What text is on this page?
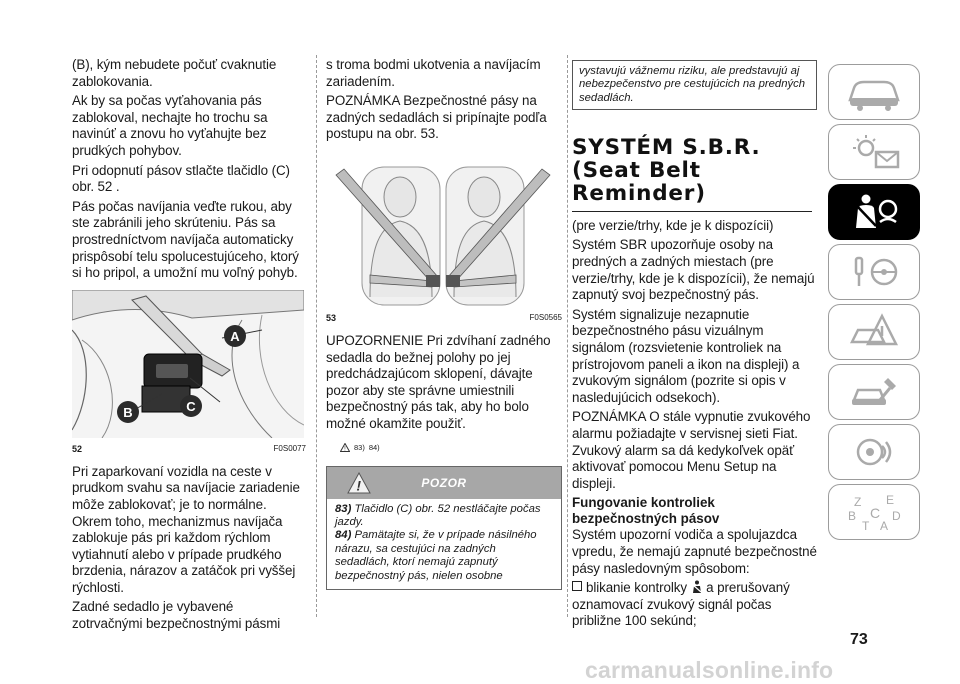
(B), kým nebudete počuť cvaknutie zablokovania.

Ak by sa počas vyťahovania pás zablokoval, nechajte ho trochu sa navinúť a znovu ho vyťahujte bez prudkých pohybov.

Pri odopnutí pásov stlačte tlačidlo (C) obr. 52 .

Pás počas navíjania veďte rukou, aby ste zabránili jeho skrúteniu. Pás sa prostredníctvom navíjača automaticky prispôsobí telu spolucestujúceho, ktorý si ho pripol, a umožní mu voľný pohyb.

A
B	C
52	F0S0077

Pri zaparkovaní vozidla na ceste v prudkom svahu sa navíjacie zariadenie môže zablokovať; je to normálne. Okrem toho, mechanizmus navíjača zablokuje pás pri každom rýchlom vytiahnutí alebo v prípade prudkého brzdenia, nárazov a zatáčok pri vyššej rýchlosti.

Zadné sedadlo je vybavené zotrvačnými bezpečnostnými pásmi

s troma bodmi ukotvenia a navíjacím zariadením.

POZNÁMKA Bezpečnostné pásy na zadných sedadlách si pripínajte podľa postupu na obr. 53.

53	F0S0565

UPOZORNENIE Pri zdvíhaní zadného sedadla do bežnej polohy po jej predchádzajúcom sklopení, dávajte pozor aby ste správne umiestnili bezpečnostný pás tak, aby ho bolo možné okamžite použiť.

! 83) 84)
!	POZOR
83) Tlačidlo (C) obr. 52 nestláčajte počas jazdy.
84) Pamätajte si, že v prípade násilného nárazu, sa cestujúci na zadných sedadlách, ktorí nemajú zapnutý bezpečnostný pás, nielen osobne
vystavujú vážnemu riziku, ale predstavujú aj nebezpečenstvo pre cestujúcich na predných sedadlách.
SYSTÉM S.B.R.
(Seat Belt
Reminder)

(pre verzie/trhy, kde je k dispozícii)

Systém SBR upozorňuje osoby na predných a zadných miestach (pre verzie/trhy, kde je k dispozícii), že nemajú zapnutý svoj bezpečnostný pás.

Systém signalizuje nezapnutie bezpečnostného pásu vizuálnym signálom (rozsvietenie kontroliek na prístrojovom paneli a ikon na displeji) a zvukovým signálom (pozrite si opis v nasledujúcich odsekoch).

POZNÁMKA O stále vypnutie zvukového alarmu požiadajte v servisnej sieti Fiat. Zvukový alarm sa dá kedykoľvek opäť aktivovať pomocou Menu Setup na displeji.

Fungovanie kontroliek
bezpečnostných pásov

Systém upozorní vodiča a spolujazdca vpredu, že nemajú zapnuté bezpečnostné pásy nasledovným spôsobom:

blikanie kontrolky  a prerušovaný oznamovací zvukový signál počas približne 100 sekúnd;

Z E
B C D
T A
73
carmanualsonline.info
